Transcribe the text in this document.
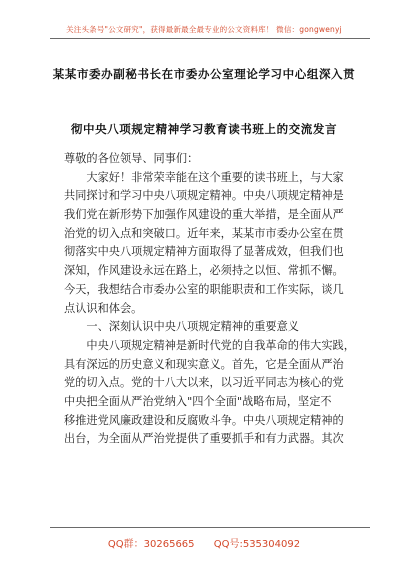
关注头条号"公文研究"，获得最新最全最专业的公文资料库！ 微信：gongwenyj
某某市委办副秘书长在市委办公室理论学习中心组深入贯
彻中央八项规定精神学习教育读书班上的交流发言
尊敬的各位领导、同事们：
　　大家好！非常荣幸能在这个重要的读书班上，与大家
共同探讨和学习中央八项规定精神。中央八项规定精神是
我们党在新形势下加强作风建设的重大举措，是全面从严
治党的切入点和突破口。近年来，某某市市委办公室在贯
彻落实中央八项规定精神方面取得了显著成效，但我们也
深知，作风建设永远在路上，必须持之以恒、常抓不懈。
今天，我想结合市委办公室的职能职责和工作实际，谈几
点认识和体会。
　　一、深刻认识中央八项规定精神的重要意义
　　中央八项规定精神是新时代党的自我革命的伟大实践，
具有深远的历史意义和现实意义。首先，它是全面从严治
党的切入点。党的十八大以来，以习近平同志为核心的党
中央把全面从严治党纳入"四个全面"战略布局，坚定不
移推进党风廉政建设和反腐败斗争。中央八项规定精神的
出台，为全面从严治党提供了重要抓手和有力武器。其次
QQ群：30265665 QQ号:535304092
